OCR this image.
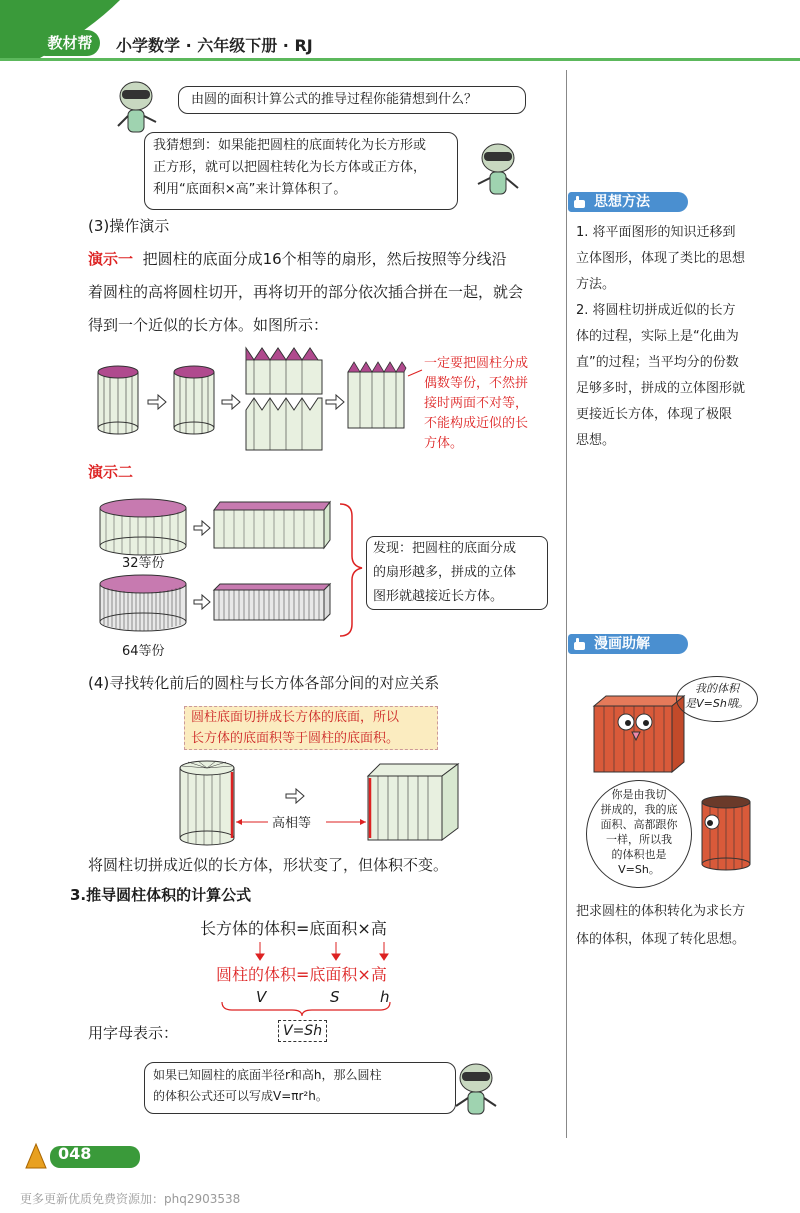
教材帮	小学数学 · 六年级下册 · RJ
由圆的面积计算公式的推导过程你能猜想到什么？
我猜想到：如果能把圆柱的底面转化为长方形或
正方形，就可以把圆柱转化为长方体或正方体，
利用“底面积×高”来计算体积了。
(3)操作演示
演示一 把圆柱的底面分成16个相等的扇形，然后按照等分线沿
着圆柱的高将圆柱切开，再将切开的部分依次插合拼在一起，就会
得到一个近似的长方体。如图所示：
一定要把圆柱分成
偶数等份，不然拼
接时两面不对等，
不能构成近似的长
方体。
演示二
32等份
64等份
发现：把圆柱的底面分成
的扇形越多，拼成的立体
图形就越接近长方体。
(4)寻找转化前后的圆柱与长方体各部分间的对应关系
圆柱底面切拼成长方体的底面，所以
长方体的底面积等于圆柱的底面积。
高相等
将圆柱切拼成近似的长方体，形状变了，但体积不变。
3.推导圆柱体积的计算公式
长方体的体积=底面积×高
圆柱的体积=底面积×高
V	S	h
用字母表示：	V=Sh
如果已知圆柱的底面半径r和高h，那么圆柱
的体积公式还可以写成V=πr²h。
思想方法
1. 将平面图形的知识迁移到
立体图形，体现了类比的思想
方法。
2. 将圆柱切拼成近似的长方
体的过程，实际上是“化曲为
直”的过程；当平均分的份数
足够多时，拼成的立体图形就
更接近长方体，体现了极限
思想。
漫画助解
我的体积
是V=Sh哦。
你是由我切
拼成的，我的底
面积、高都跟你
一样，所以我
的体积也是
V=Sh。
把求圆柱的体积转化为求长方
体的体积，体现了转化思想。
048
更多更新优质免费资源加：phq2903538
